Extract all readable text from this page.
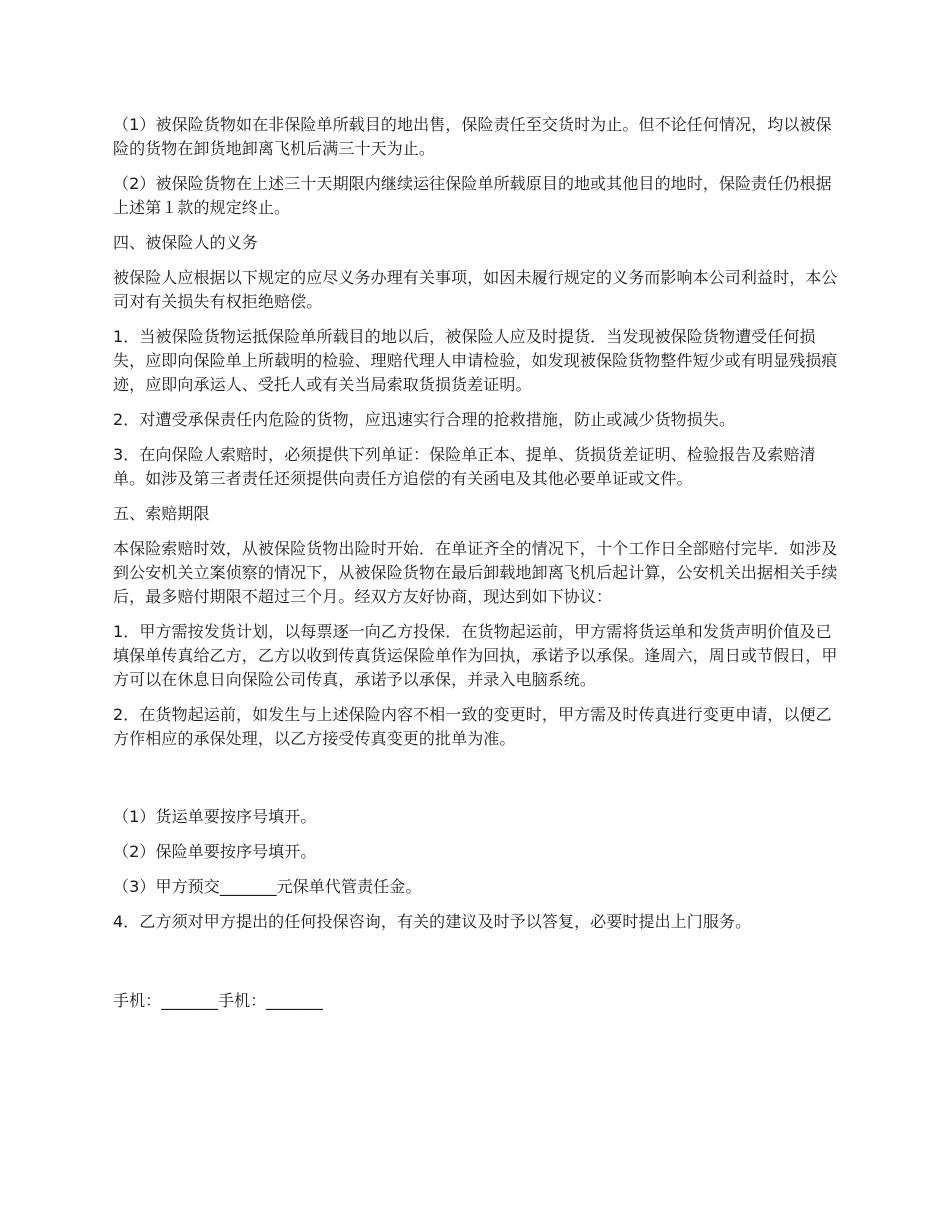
（1）被保险货物如在非保险单所载目的地出售，保险责任至交货时为止。但不论任何情况，均以被保险的货物在卸货地卸离飞机后满三十天为止。

（2）被保险货物在上述三十天期限内继续运往保险单所载原目的地或其他目的地时，保险责任仍根据上述第１款的规定终止。

四、被保险人的义务

被保险人应根据以下规定的应尽义务办理有关事项，如因未履行规定的义务而影响本公司利益时，本公司对有关损失有权拒绝赔偿。

1．当被保险货物运抵保险单所载目的地以后，被保险人应及时提货．当发现被保险货物遭受任何损失，应即向保险单上所载明的检验、理赔代理人申请检验，如发现被保险货物整件短少或有明显残损痕迹，应即向承运人、受托人或有关当局索取货损货差证明。

2．对遭受承保责任内危险的货物，应迅速实行合理的抢救措施，防止或减少货物损失。

3．在向保险人索赔时，必须提供下列单证：保险单正本、提单、货损货差证明、检验报告及索赔清单。如涉及第三者责任还须提供向责任方追偿的有关函电及其他必要单证或文件。

五、索赔期限

本保险索赔时效，从被保险货物出险时开始．在单证齐全的情况下，十个工作日全部赔付完毕．如涉及到公安机关立案侦察的情况下，从被保险货物在最后卸载地卸离飞机后起计算，公安机关出据相关手续后，最多赔付期限不超过三个月。经双方友好协商，现达到如下协议：

1．甲方需按发货计划，以每票逐一向乙方投保．在货物起运前，甲方需将货运单和发货声明价值及已填保单传真给乙方，乙方以收到传真货运保险单作为回执，承诺予以承保。逢周六，周日或节假日，甲方可以在休息日向保险公司传真，承诺予以承保，并录入电脑系统。

2．在货物起运前，如发生与上述保险内容不相一致的变更时，甲方需及时传真进行变更申请，以便乙方作相应的承保处理，以乙方接受传真变更的批单为准。

（1）货运单要按序号填开。

（2）保险单要按序号填开。

（3）甲方预交_______元保单代管责任金。

4．乙方须对甲方提出的任何投保咨询，有关的建议及时予以答复，必要时提出上门服务。

手机：_______手机：_______
